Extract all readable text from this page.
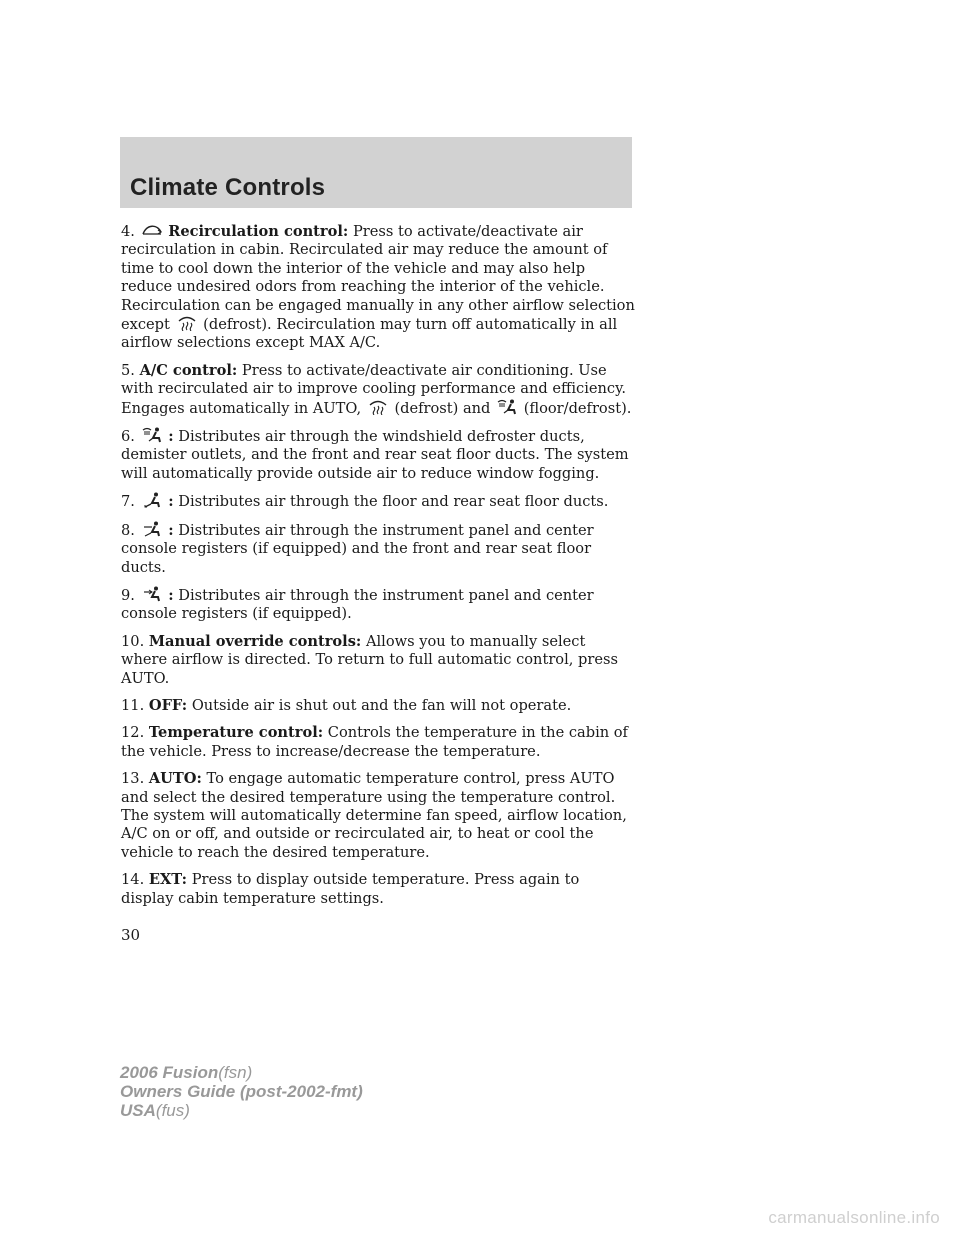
Climate Controls

4. Recirculation control: Press to activate/deactivate air recirculation in cabin. Recirculated air may reduce the amount of time to cool down the interior of the vehicle and may also help reduce undesired odors from reaching the interior of the vehicle. Recirculation can be engaged manually in any other airflow selection except (defrost). Recirculation may turn off automatically in all airflow selections except MAX A/C.

5. A/C control: Press to activate/deactivate air conditioning. Use with recirculated air to improve cooling performance and efficiency. Engages automatically in AUTO, (defrost) and (floor/defrost).

6. : Distributes air through the windshield defroster ducts, demister outlets, and the front and rear seat floor ducts. The system will automatically provide outside air to reduce window fogging.

7. : Distributes air through the floor and rear seat floor ducts.

8. : Distributes air through the instrument panel and center console registers (if equipped) and the front and rear seat floor ducts.

9. : Distributes air through the instrument panel and center console registers (if equipped).

10. Manual override controls: Allows you to manually select where airflow is directed. To return to full automatic control, press AUTO.

11. OFF: Outside air is shut out and the fan will not operate.

12. Temperature control: Controls the temperature in the cabin of the vehicle. Press to increase/decrease the temperature.

13. AUTO: To engage automatic temperature control, press AUTO and select the desired temperature using the temperature control. The system will automatically determine fan speed, airflow location, A/C on or off, and outside or recirculated air, to heat or cool the vehicle to reach the desired temperature.

14. EXT: Press to display outside temperature. Press again to display cabin temperature settings.

30
2006 Fusion(fsn)
Owners Guide (post-2002-fmt)
USA(fus)
carmanualsonline.info
